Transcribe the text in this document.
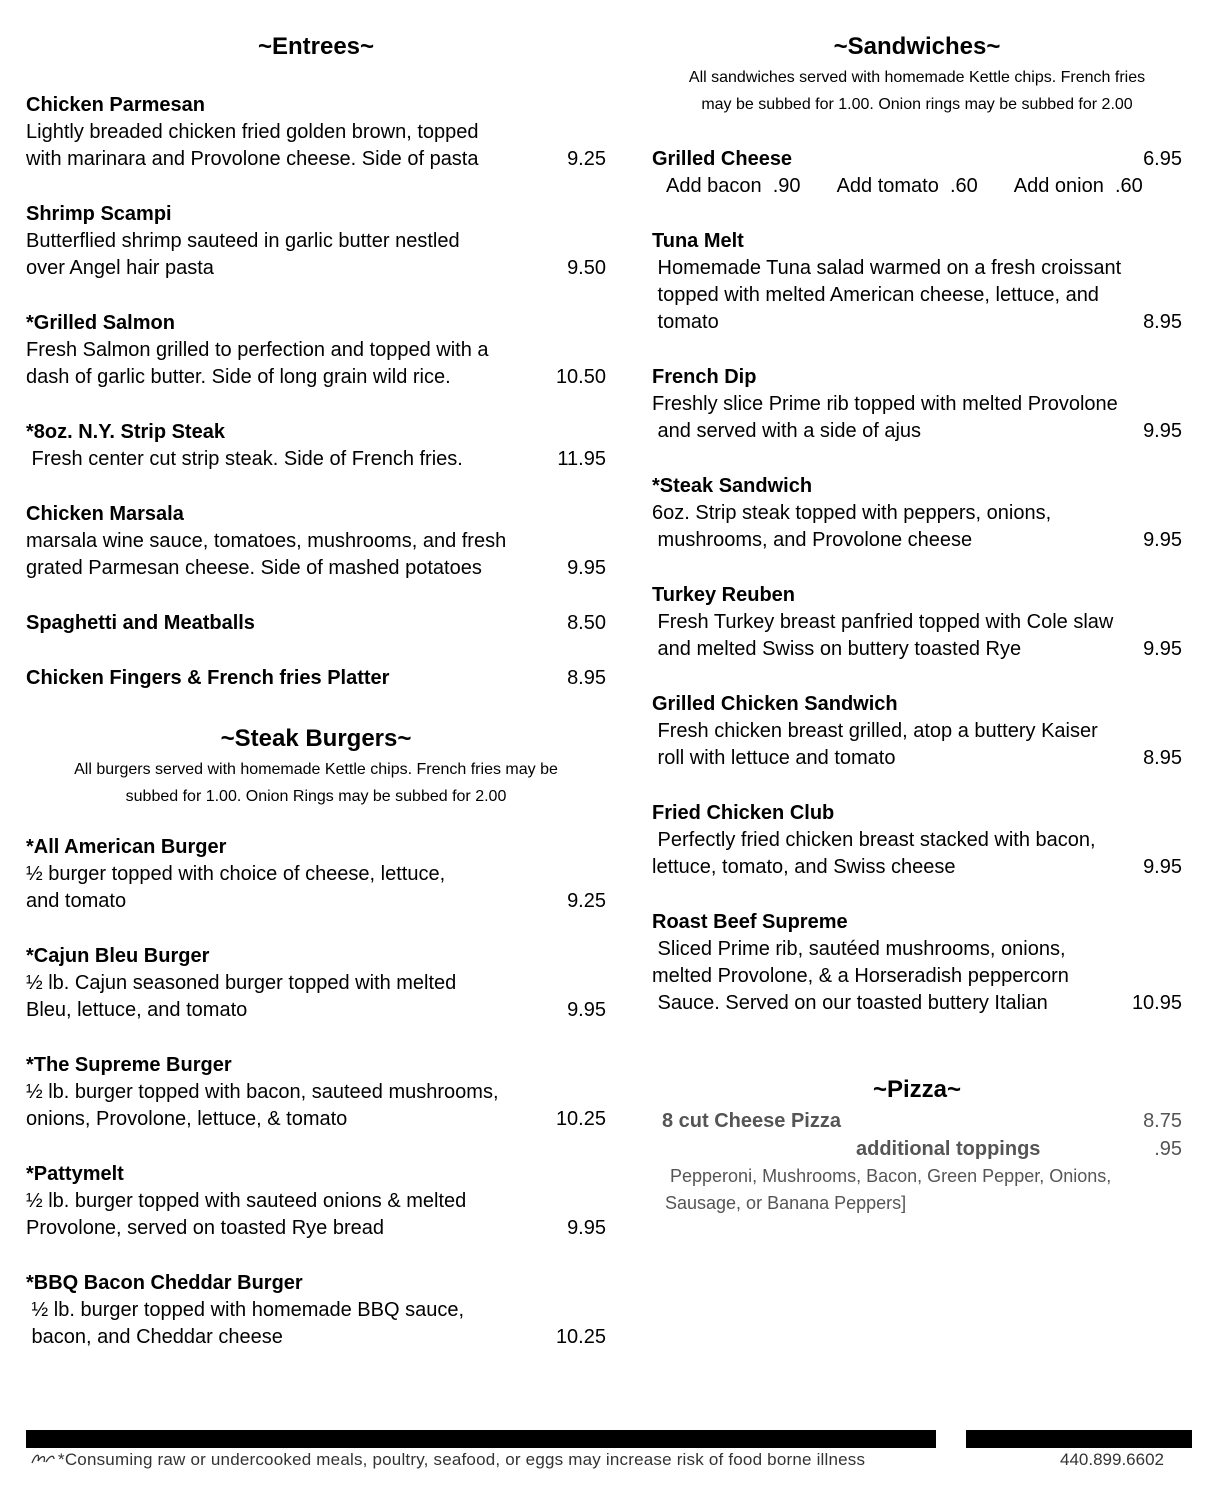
~Entrees~
Chicken Parmesan
Lightly breaded chicken fried golden brown, topped
with marinara and Provolone cheese. Side of pasta	9.25
Shrimp Scampi
Butterflied shrimp sauteed in garlic butter nestled
over Angel hair pasta	9.50
*Grilled Salmon
Fresh Salmon grilled to perfection and topped with a
dash of garlic butter. Side of long grain wild rice.	10.50
*8oz. N.Y. Strip Steak
Fresh center cut strip steak. Side of French fries.	11.95
Chicken Marsala
marsala wine sauce, tomatoes, mushrooms, and fresh
grated Parmesan cheese. Side of mashed potatoes	9.95
Spaghetti and Meatballs	8.50
Chicken Fingers & French fries Platter	8.95
~Steak Burgers~

All burgers served with homemade Kettle chips. French fries may be

subbed for 1.00. Onion Rings may be subbed for 2.00

*All American Burger
½ burger topped with choice of cheese, lettuce,
and tomato	9.25
*Cajun Bleu Burger
½ lb. Cajun seasoned burger topped with melted
Bleu, lettuce, and tomato	9.95
*The Supreme Burger
½ lb. burger topped with bacon, sauteed mushrooms,
onions, Provolone, lettuce, & tomato	10.25
*Pattymelt
½ lb. burger topped with sauteed onions & melted
Provolone, served on toasted Rye bread	9.95
*BBQ Bacon Cheddar Burger
½ lb. burger topped with homemade BBQ sauce,
bacon, and Cheddar cheese	10.25
~Sandwiches~

All sandwiches served with homemade Kettle chips. French fries

may be subbed for 1.00. Onion rings may be subbed for 2.00

Grilled Cheese	6.95
Add bacon  .90 Add tomato  .60 Add onion  .60
Tuna Melt
Homemade Tuna salad warmed on a fresh croissant
topped with melted American cheese, lettuce, and
tomato	8.95
French Dip
Freshly slice Prime rib topped with melted Provolone
and served with a side of ajus	9.95
*Steak Sandwich
6oz. Strip steak topped with peppers, onions,
mushrooms, and Provolone cheese	9.95
Turkey Reuben
Fresh Turkey breast panfried topped with Cole slaw
and melted Swiss on buttery toasted Rye	9.95
Grilled Chicken Sandwich
Fresh chicken breast grilled, atop a buttery Kaiser
roll with lettuce and tomato	8.95
Fried Chicken Club
Perfectly fried chicken breast stacked with bacon,
lettuce, tomato, and Swiss cheese	9.95
Roast Beef Supreme
Sliced Prime rib, sautéed mushrooms, onions,
melted Provolone, & a Horseradish peppercorn
Sauce. Served on our toasted buttery Italian	10.95
~Pizza~
8 cut Cheese Pizza	8.75
additional toppings	.95
Pepperoni, Mushrooms, Bacon, Green Pepper, Onions,
Sausage, or Banana Peppers]
*Consuming raw or undercooked meals, poultry, seafood, or eggs may increase risk of food borne illness	440.899.6602
